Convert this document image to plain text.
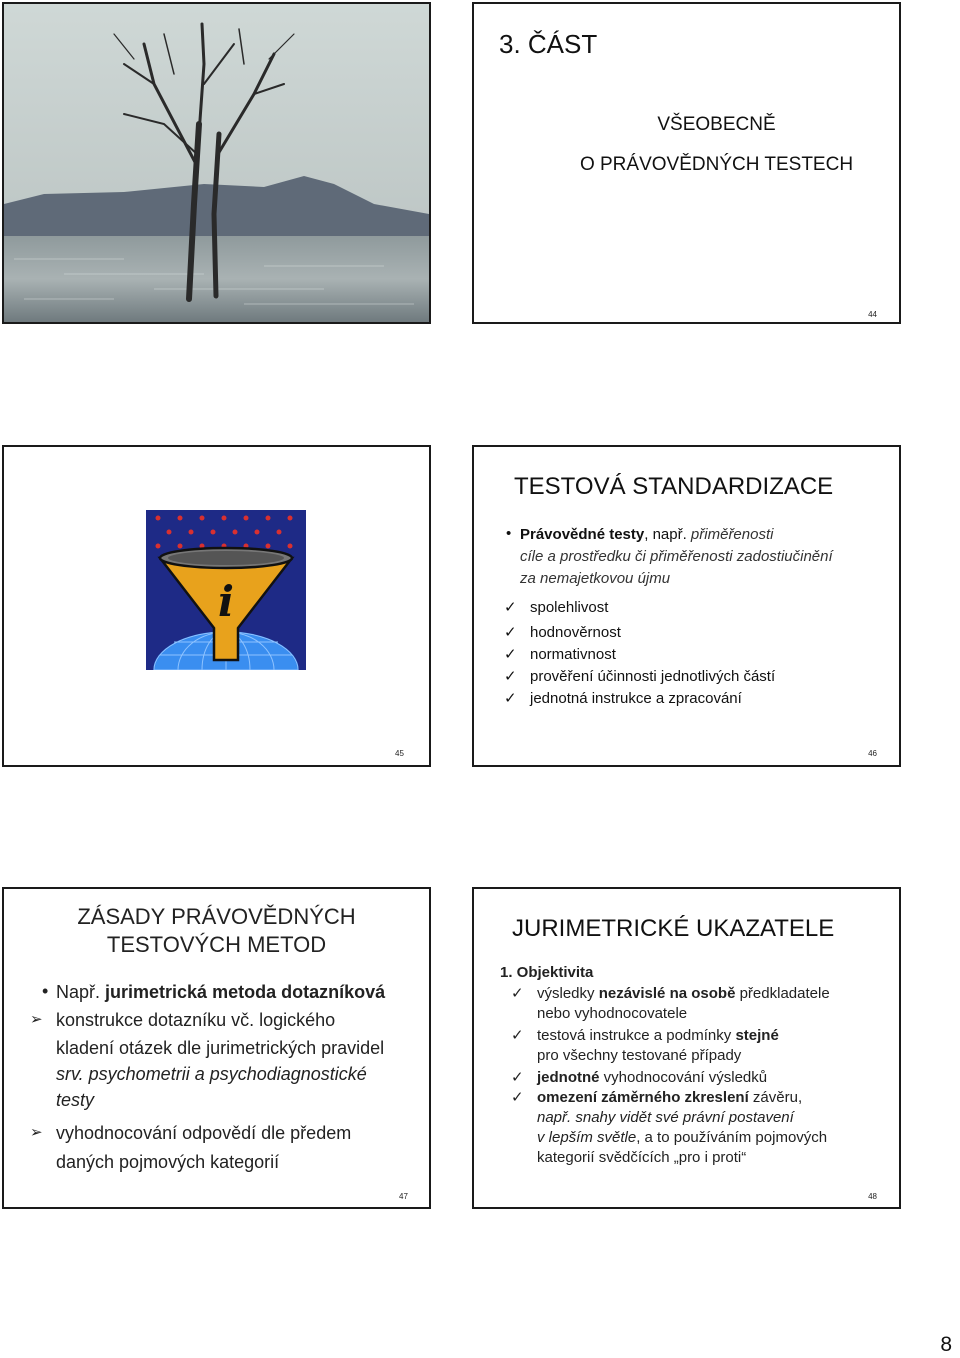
3. ČÁST
VŠEOBECNĚ
O PRÁVOVĚDNÝCH TESTECH
44
i
45
TESTOVÁ STANDARDIZACE
• Právovědné testy, např. přiměřenosti
cíle a prostředku či přiměřenosti zadostiučinění
za nemajetkovou újmu
✓ spolehlivost
✓ hodnověrnost
✓ normativnost
✓ prověření účinnosti jednotlivých částí
✓ jednotná instrukce a zpracování
46
ZÁSADY PRÁVOVĚDNÝCH
TESTOVÝCH METOD
• Např. jurimetrická metoda dotazníková
➢ konstrukce dotazníku vč. logického
kladení otázek dle jurimetrických pravidel
srv. psychometrii a psychodiagnostické
testy
➢ vyhodnocování odpovědí dle předem
daných pojmových kategorií
47
JURIMETRICKÉ UKAZATELE
1. Objektivita
✓ výsledky nezávislé na osobě předkladatele
nebo vyhodnocovatele
✓ testová instrukce a podmínky stejné
pro všechny testované případy
✓ jednotné vyhodnocování výsledků
✓ omezení záměrného zkreslení závěru,
např. snahy vidět své právní postavení
v lepším světle, a to používáním pojmových
kategorií svědčících „pro i proti“
48
8
